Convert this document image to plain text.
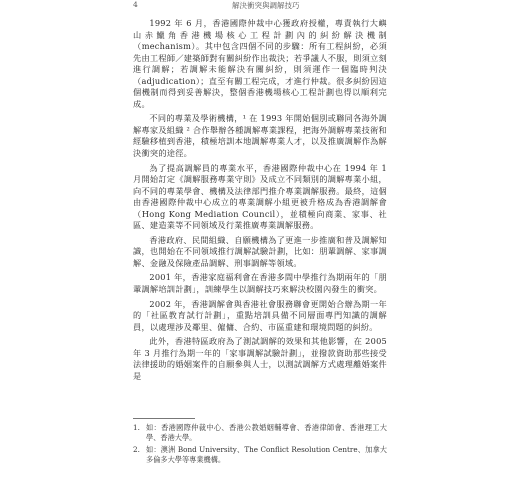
4	解決衝突與調解技巧

1992 年 6 月，香港國際仲裁中心獲政府授權，專責執行大嶼山赤鱲角香港機場核心工程計劃內的糾紛解決機制（mechanism）。其中包含四個不同的步驟：所有工程糾紛，必須先由工程師／建築師對有關糾紛作出裁決；若爭議人不服，則須立刻進行調解；若調解未能解決有關糾紛，則須運作一個臨時判決（adjudication）；直至有關工程完成，才進行仲裁。很多糾紛因這個機制而得到妥善解決，整個香港機場核心工程計劃也得以順利完成。

不同的專業及學術機構，¹ 在 1993 年開始個別或聯同各海外調解專家及組織 ² 合作舉辦各種調解專業課程，把海外調解專業技術和經驗移植到香港，積極培訓本地調解專業人才，以及推廣調解作為解決衝突的途徑。

為了提高調解員的專業水平，香港國際仲裁中心在 1994 年 1 月開始訂定《調解服務專業守則》及成立不同類別的調解專業小組，向不同的專業學會、機構及法律部門推介專業調解服務。最終，這個由香港國際仲裁中心成立的專業調解小組更被升格成為香港調解會（Hong Kong Mediation Council），並積極向商業、家事、社區、建造業等不同領域及行業推廣專業調解服務。

香港政府、民間組織、自願機構為了更進一步推廣和普及調解知識，也開始在不同領域推行調解試驗計劃，比如：朋輩調解、家事調解、金融及保險產品調解、刑事調解等領域。

2001 年，香港家庭福利會在香港多間中學推行為期兩年的「朋輩調解培訓計劃」，訓練學生以調解技巧來解決校園內發生的衝突。

2002 年，香港調解會與香港社會服務聯會更開始合辦為期一年的「社區教育試行計劃」，重點培訓具備不同層面專門知識的調解員，以處理涉及鄰里、僱傭、合約、市區重建和環境問題的糾紛。

此外，香港特區政府為了測試調解的效果和其他影響，在 2005 年 3 月推行為期一年的「家事調解試驗計劃」，並撥款資助那些接受法律援助的婚姻案件的自願參與人士，以測試調解方式處理離婚案件是

1. 如：香港國際仲裁中心、香港公教婚姻輔導會、香港律師會、香港理工大學、香港大學。
2. 如：澳洲 Bond University、The Conflict Resolution Centre、加拿大多倫多大學等專業機構。
